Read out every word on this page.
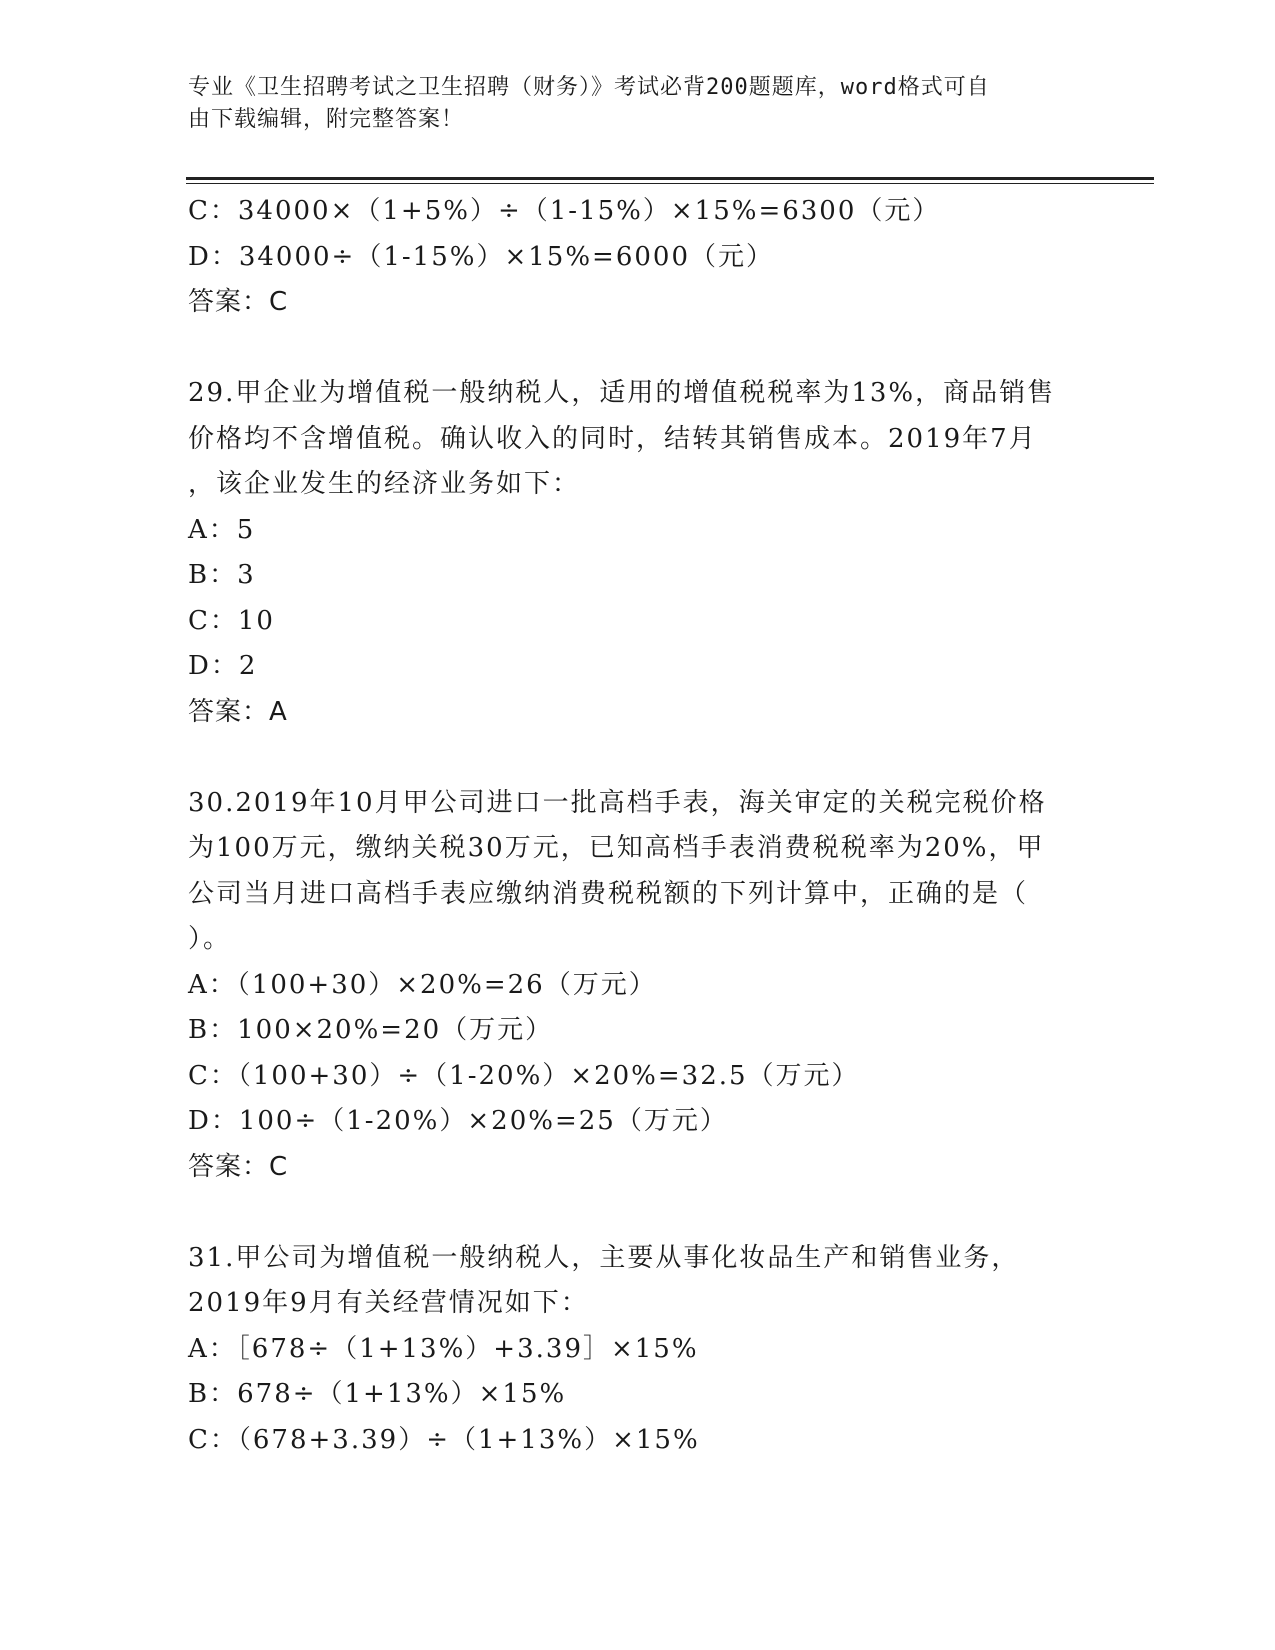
专业《卫生招聘考试之卫生招聘（财务）》考试必背200题题库，word格式可自
由下载编辑，附完整答案！
C：34000×（1+5%）÷（1-15%）×15%=6300（元）
D：34000÷（1-15%）×15%=6000（元）
答案：C
29.甲企业为增值税一般纳税人，适用的增值税税率为13%，商品销售
价格均不含增值税。确认收入的同时，结转其销售成本。2019年7月
，该企业发生的经济业务如下：
A：5
B：3
C：10
D：2
答案：A
30.2019年10月甲公司进口一批高档手表，海关审定的关税完税价格
为100万元，缴纳关税30万元，已知高档手表消费税税率为20%，甲
公司当月进口高档手表应缴纳消费税税额的下列计算中，正确的是（
）。
A：（100+30）×20%=26（万元）
B：100×20%=20（万元）
C：（100+30）÷（1-20%）×20%=32.5（万元）
D：100÷（1-20%）×20%=25（万元）
答案：C
31.甲公司为增值税一般纳税人，主要从事化妆品生产和销售业务，
2019年9月有关经营情况如下：
A：［678÷（1+13%）+3.39］×15%
B：678÷（1+13%）×15%
C：（678+3.39）÷（1+13%）×15%
